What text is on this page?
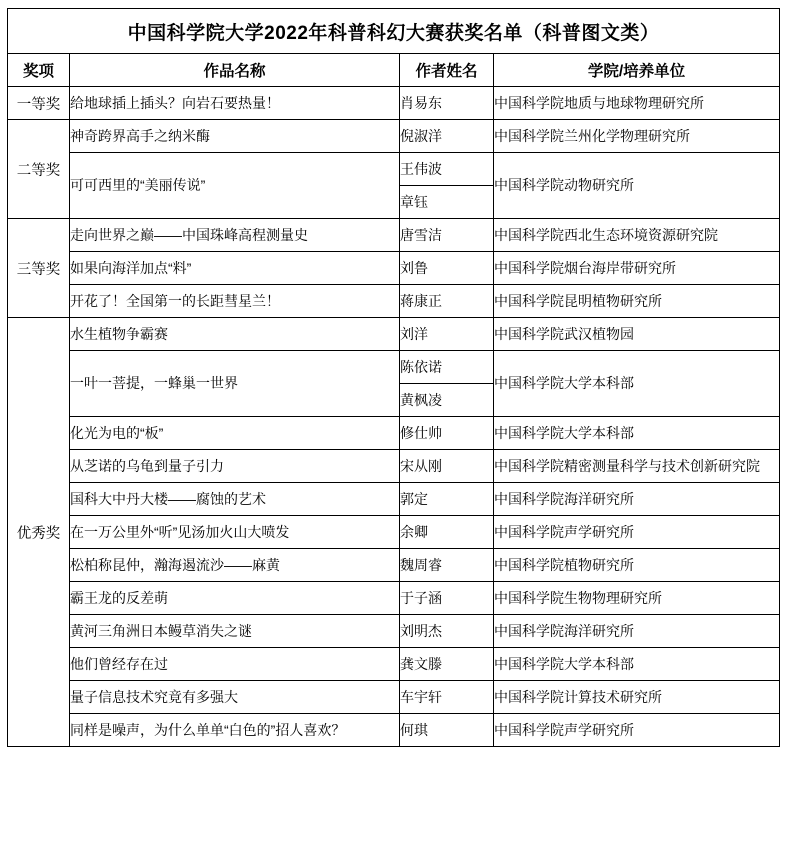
中国科学院大学2022年科普科幻大赛获奖名单（科普图文类）			
奖项	作品名称	作者姓名	学院/培养单位
一等奖	给地球插上插头？向岩石要热量！	肖易东	中国科学院地质与地球物理研究所
二等奖	神奇跨界高手之纳米酶	倪淑洋	中国科学院兰州化学物理研究所
	可可西里的“美丽传说”	王伟波	中国科学院动物研究所
		章钰	
三等奖	走向世界之巅——中国珠峰高程测量史	唐雪洁	中国科学院西北生态环境资源研究院
	如果向海洋加点“料”	刘鲁	中国科学院烟台海岸带研究所
	开花了！全国第一的长距彗星兰！	蒋康正	中国科学院昆明植物研究所
优秀奖	水生植物争霸赛	刘洋	中国科学院武汉植物园
	一叶一菩提，一蜂巢一世界	陈依诺	中国科学院大学本科部
		黄枫凌	
	化光为电的“板”	修仕帅	中国科学院大学本科部
	从芝诺的乌龟到量子引力	宋从刚	中国科学院精密测量科学与技术创新研究院
	国科大中丹大楼——腐蚀的艺术	郭定	中国科学院海洋研究所
	在一万公里外“听”见汤加火山大喷发	余卿	中国科学院声学研究所
	松柏称昆仲，瀚海遏流沙——麻黄	魏周睿	中国科学院植物研究所
	霸王龙的反差萌	于子涵	中国科学院生物物理研究所
	黄河三角洲日本鳗草消失之谜	刘明杰	中国科学院海洋研究所
	他们曾经存在过	龚文滕	中国科学院大学本科部
	量子信息技术究竟有多强大	车宇轩	中国科学院计算技术研究所
	同样是噪声，为什么单单“白色的”招人喜欢？	何琪	中国科学院声学研究所
